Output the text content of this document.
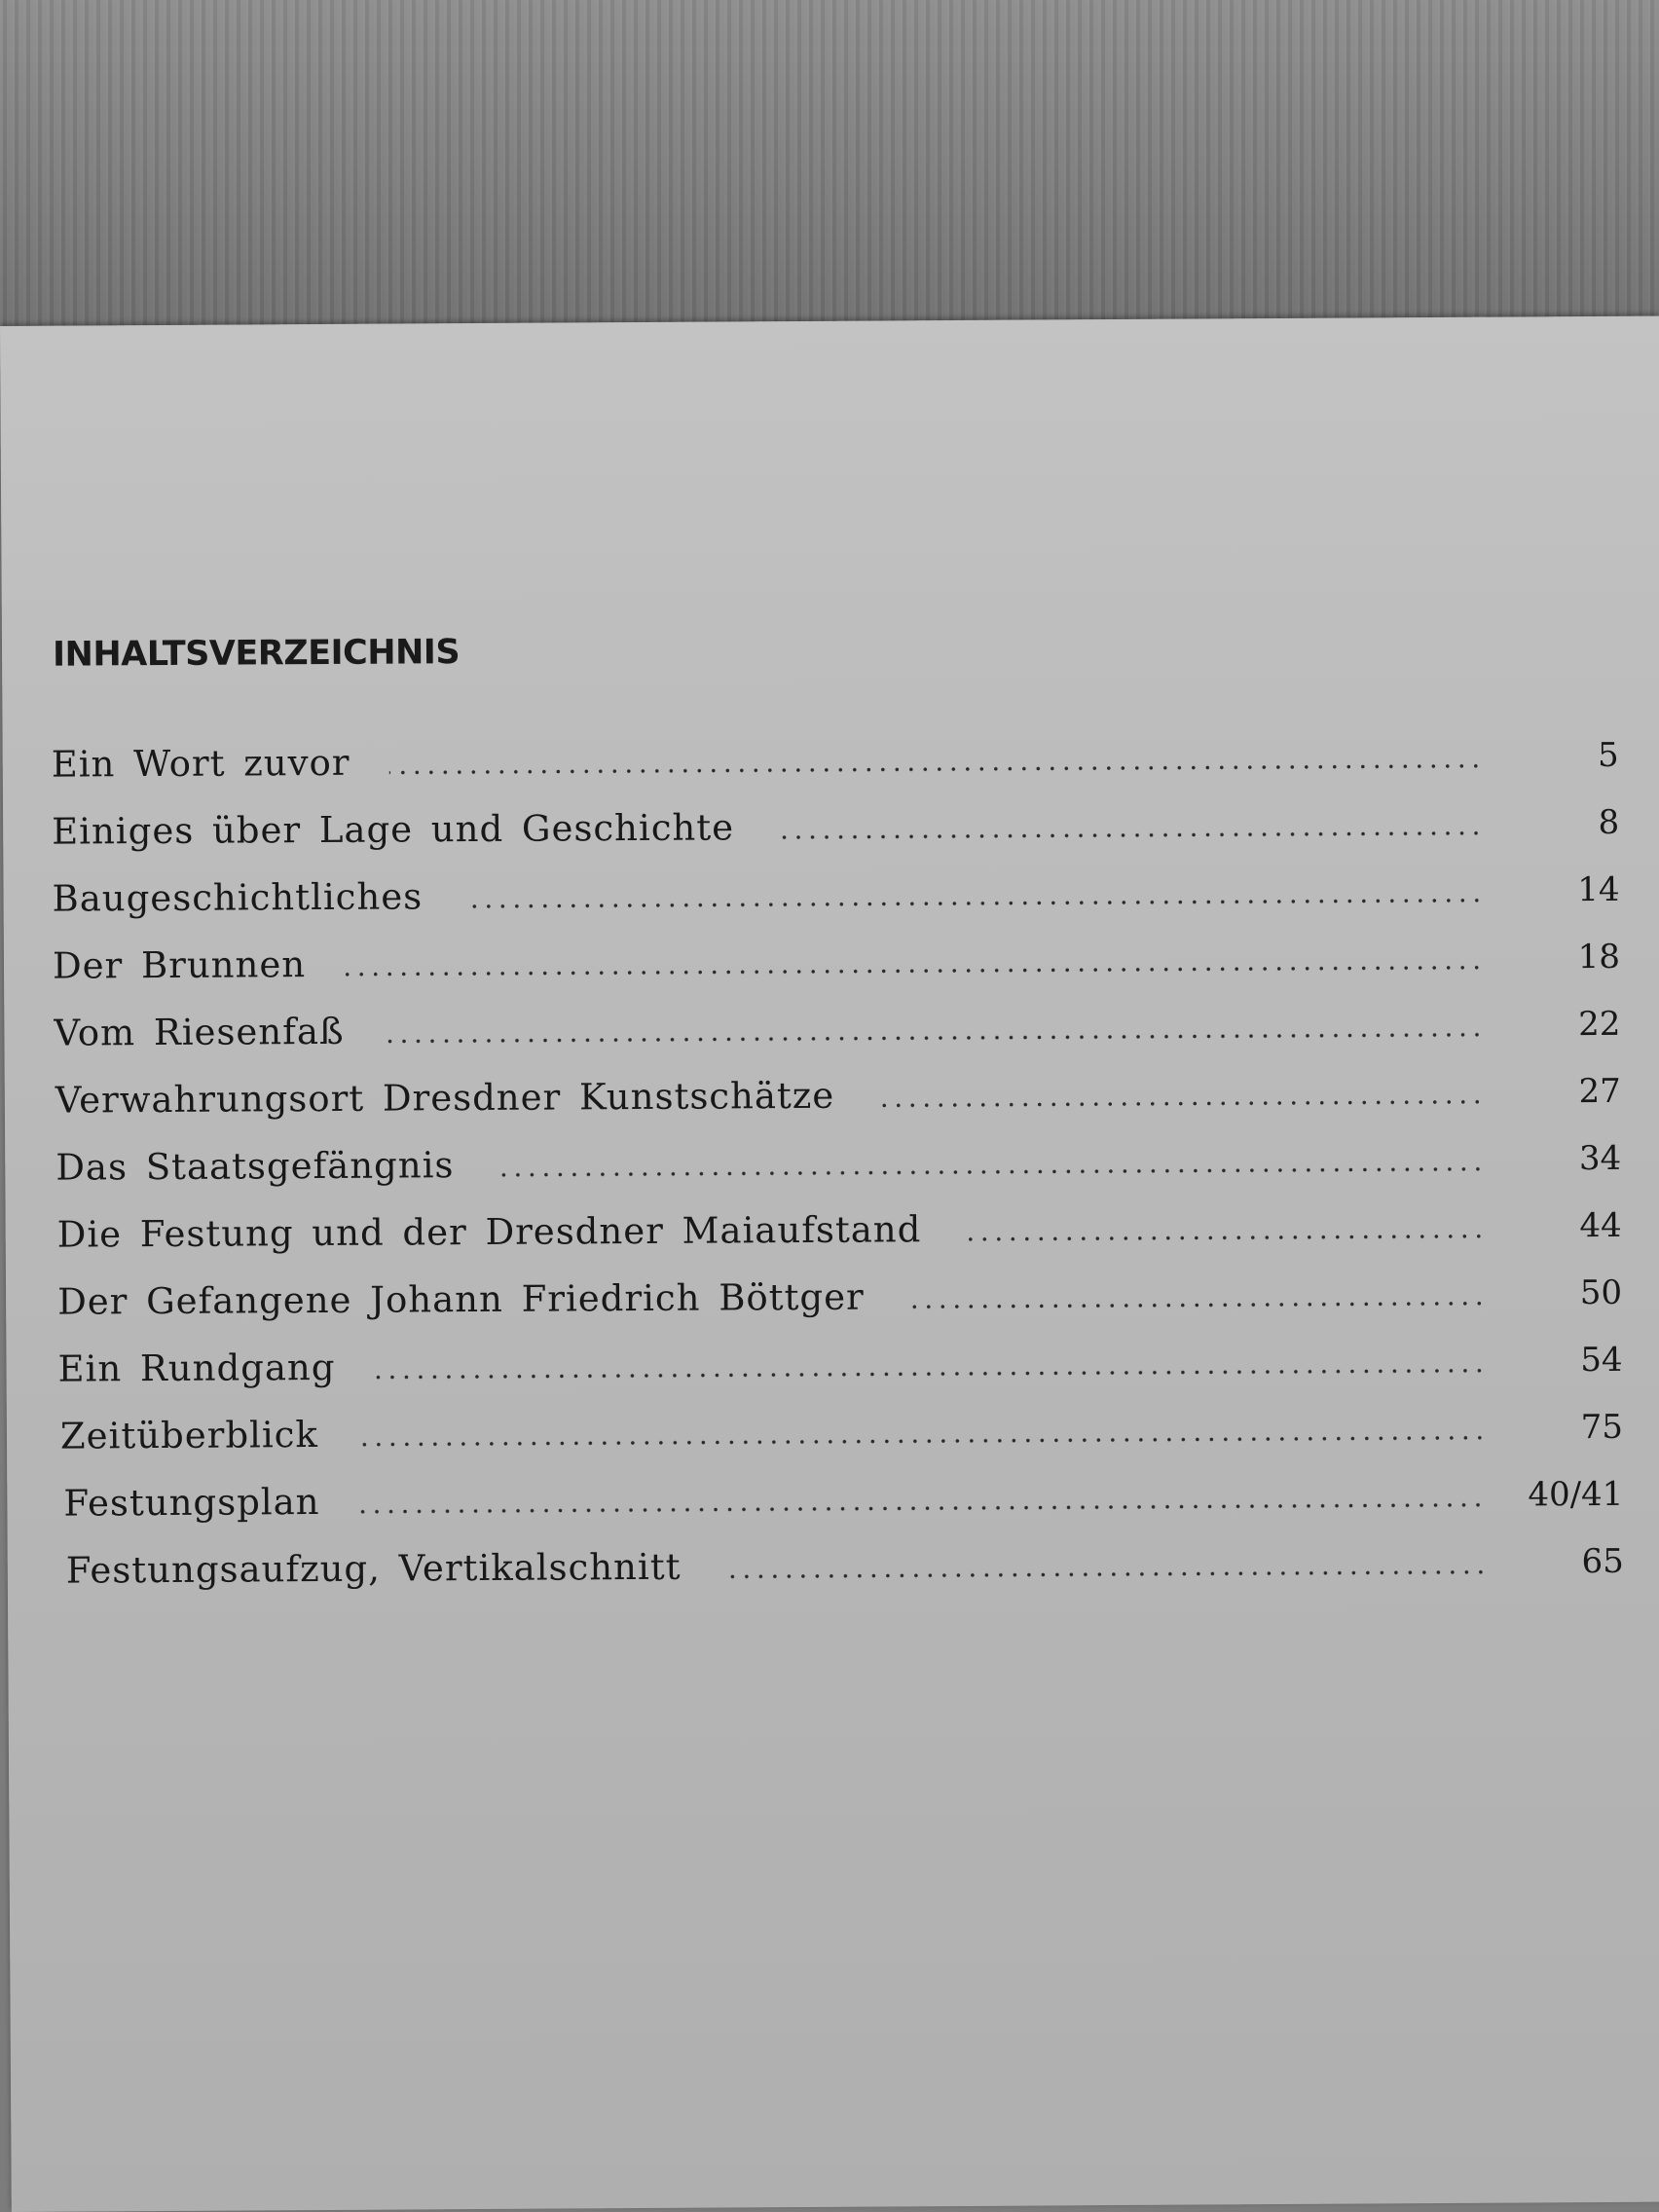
INHALTSVERZEICHNIS
Ein Wort zuvor	5
Einiges über Lage und Geschichte	8
Baugeschichtliches	14
Der Brunnen	18
Vom Riesenfaß	22
Verwahrungsort Dresdner Kunstschätze	27
Das Staatsgefängnis	34
Die Festung und der Dresdner Maiaufstand	44
Der Gefangene Johann Friedrich Böttger	50
Ein Rundgang	54
Zeitüberblick	75
Festungsplan	40/41
Festungsaufzug, Vertikalschnitt	65
